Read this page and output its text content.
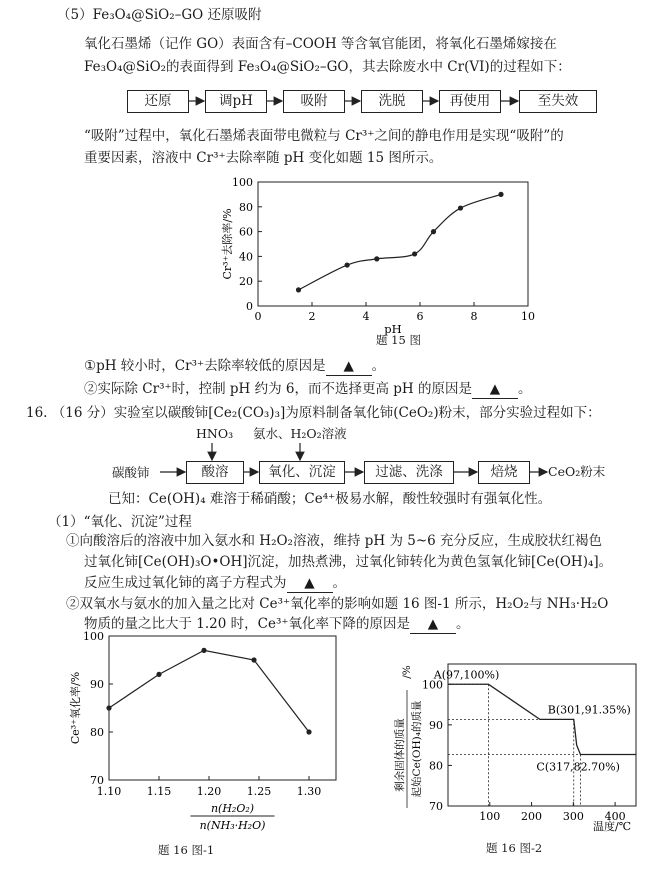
（5）Fe₃O₄@SiO₂–GO 还原吸附
氧化石墨烯（记作 GO）表面含有–COOH 等含氧官能团，将氧化石墨烯嫁接在
Fe₃O₄@SiO₂的表面得到 Fe₃O₄@SiO₂–GO，其去除废水中 Cr(VI)的过程如下：
还原	调pH	吸附	洗脱	再使用	至失效
“吸附”过程中，氧化石墨烯表面带电微粒与 Cr³⁺之间的静电作用是实现“吸附”的
重要因素，溶液中 Cr³⁺去除率随 pH 变化如题 15 图所示。
题 15 图
①pH 较小时，Cr³⁺去除率较低的原因是 ▲ 。
②实际除 Cr³⁺时，控制 pH 约为 6，而不选择更高 pH 的原因是 ▲ 。
16. （16 分）实验室以碳酸铈[Ce₂(CO₃)₃]为原料制备氧化铈(CeO₂)粉末，部分实验过程如下：
HNO₃ 氨水、H₂O₂溶液
碳酸铈	酸溶	氧化、沉淀	过滤、洗涤	焙烧	CeO₂粉末
已知：Ce(OH)₄ 难溶于稀硝酸；Ce⁴⁺极易水解，酸性较强时有强氧化性。
（1）“氧化、沉淀”过程
①向酸溶后的溶液中加入氨水和 H₂O₂溶液，维持 pH 为 5~6 充分反应，生成胶状红褐色
过氧化铈[Ce(OH)₃O•OH]沉淀，加热煮沸，过氧化铈转化为黄色氢氧化铈[Ce(OH)₄]。
反应生成过氧化铈的离子方程式为 ▲ 。
②双氧水与氨水的加入量之比对 Ce³⁺氧化率的影响如题 16 图-1 所示，H₂O₂与 NH₃·H₂O
物质的量之比大于 1.20 时，Ce³⁺氧化率下降的原因是 ▲ 。
题 16 图-1	题 16 图-2
0	2	4	6	8	10
0
20
40
60
80
100
pH
Cr³⁺去除率/%
1.10 1.15 1.20 1.25 1.30
70
80
90
100
n(H₂O₂)
n(NH₃·H₂O)
Ce³⁺氧化率/%
100 200 300 400
70
80
90
100
温度/℃
剩余固体的质量 起始Ce(OH)₄的质量
/% A(97,100%)
B(301,91.35%)
C(317,82.70%)
